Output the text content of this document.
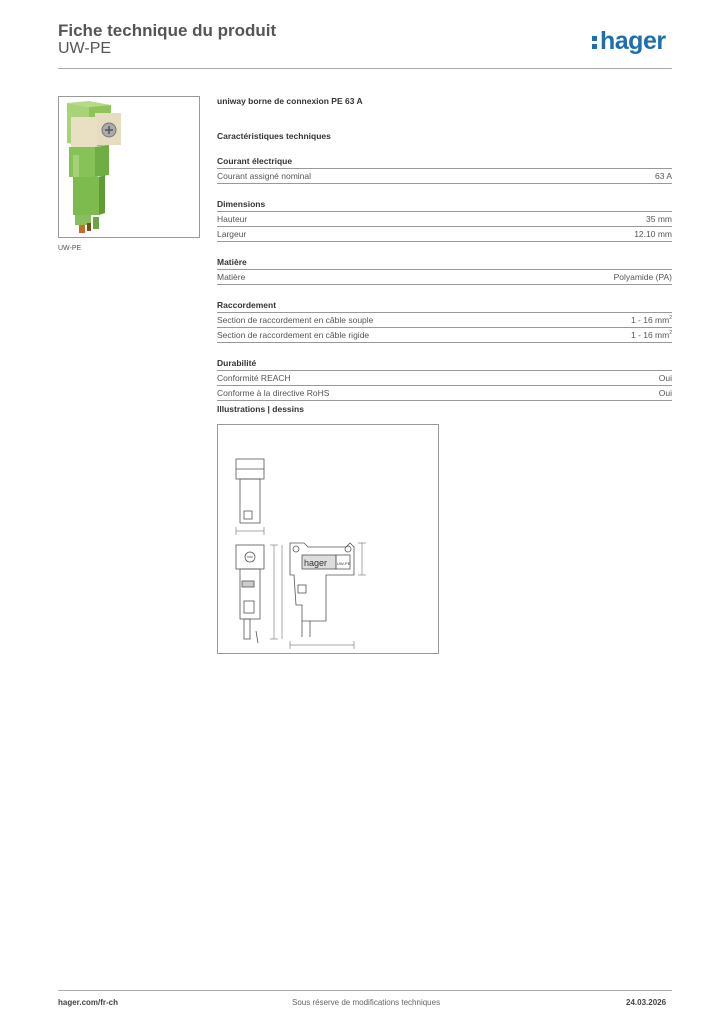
Fiche technique du produit
UW-PE	hager
UW-PE
uniway borne de connexion PE 63 A
Caractéristiques techniques
Courant électrique
Courant assigné nominal	63 A
Dimensions
Hauteur	35 mm
Largeur	12.10 mm
Matière
Matière	Polyamide (PA)
Raccordement
Section de raccordement en câble souple	1 - 16 $mm^2$
Section de raccordement en câble rigide	1 - 16 $mm^2$
Durabilité
Conformité REACH	Oui
Conforme à la directive RoHS	Oui
Illustrations | dessins
hager UW-PE
hager.com/fr-ch	Sous réserve de modifications techniques	24.03.2026
